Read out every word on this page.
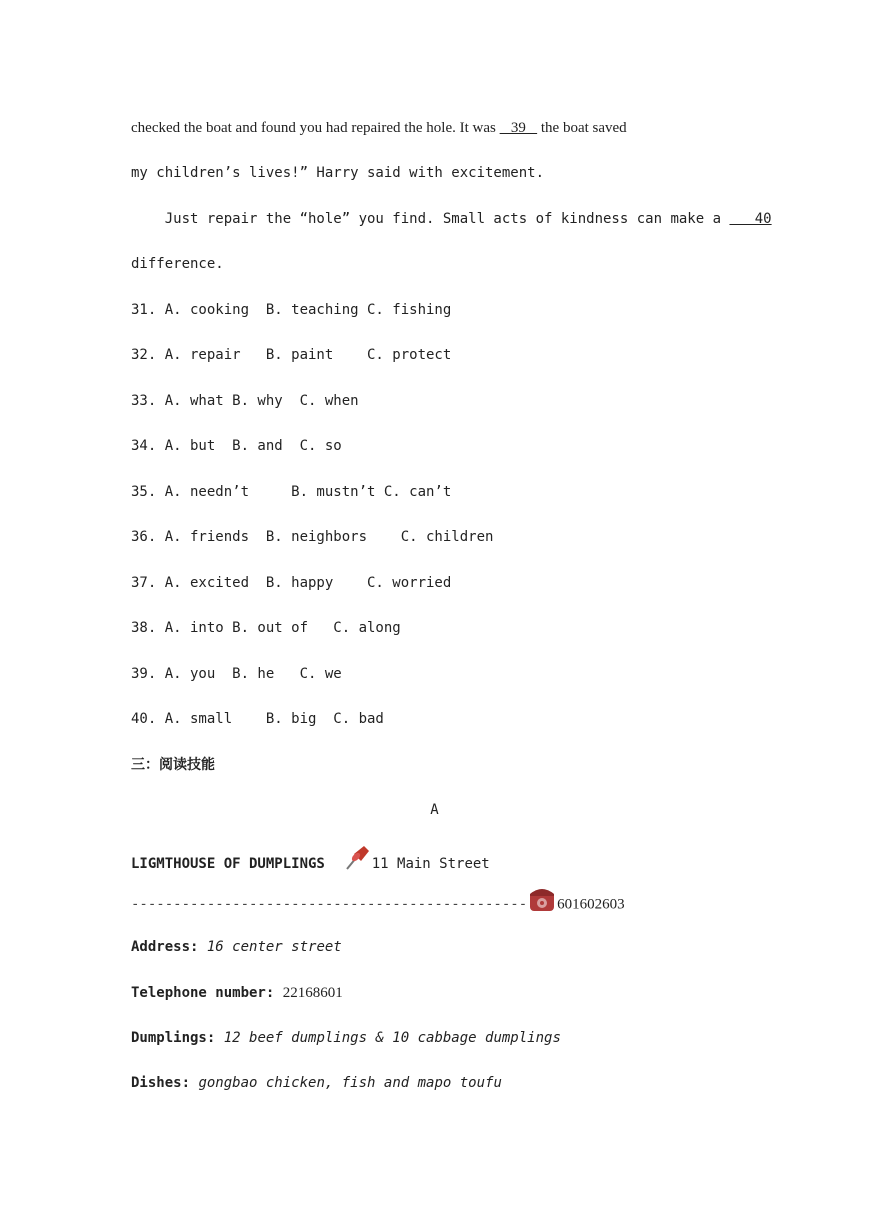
checked the boat and found you had repaired the hole. It was    39    the boat saved
my children’s lives!” Harry said with excitement.
Just repair the “hole” you find. Small acts of kindness can make a    40
difference.
31. A. cooking  B. teaching C. fishing
32. A. repair   B. paint    C. protect
33. A. what B. why  C. when
34. A. but  B. and  C. so
35. A. needn’t     B. mustn’t C. can’t
36. A. friends  B. neighbors    C. children
37. A. excited  B. happy    C. worried
38. A. into B. out of   C. along
39. A. you  B. he   C. we
40. A. small    B. big  C. bad
三：阅读技能
A
LIGMTHOUSE OF DUMPLINGS	11 Main Street
----------------------------------------------- 601602603
Address: 16 center street
Telephone number: 22168601
Dumplings: 12 beef dumplings & 10 cabbage dumplings
Dishes: gongbao chicken, fish and mapo toufu
